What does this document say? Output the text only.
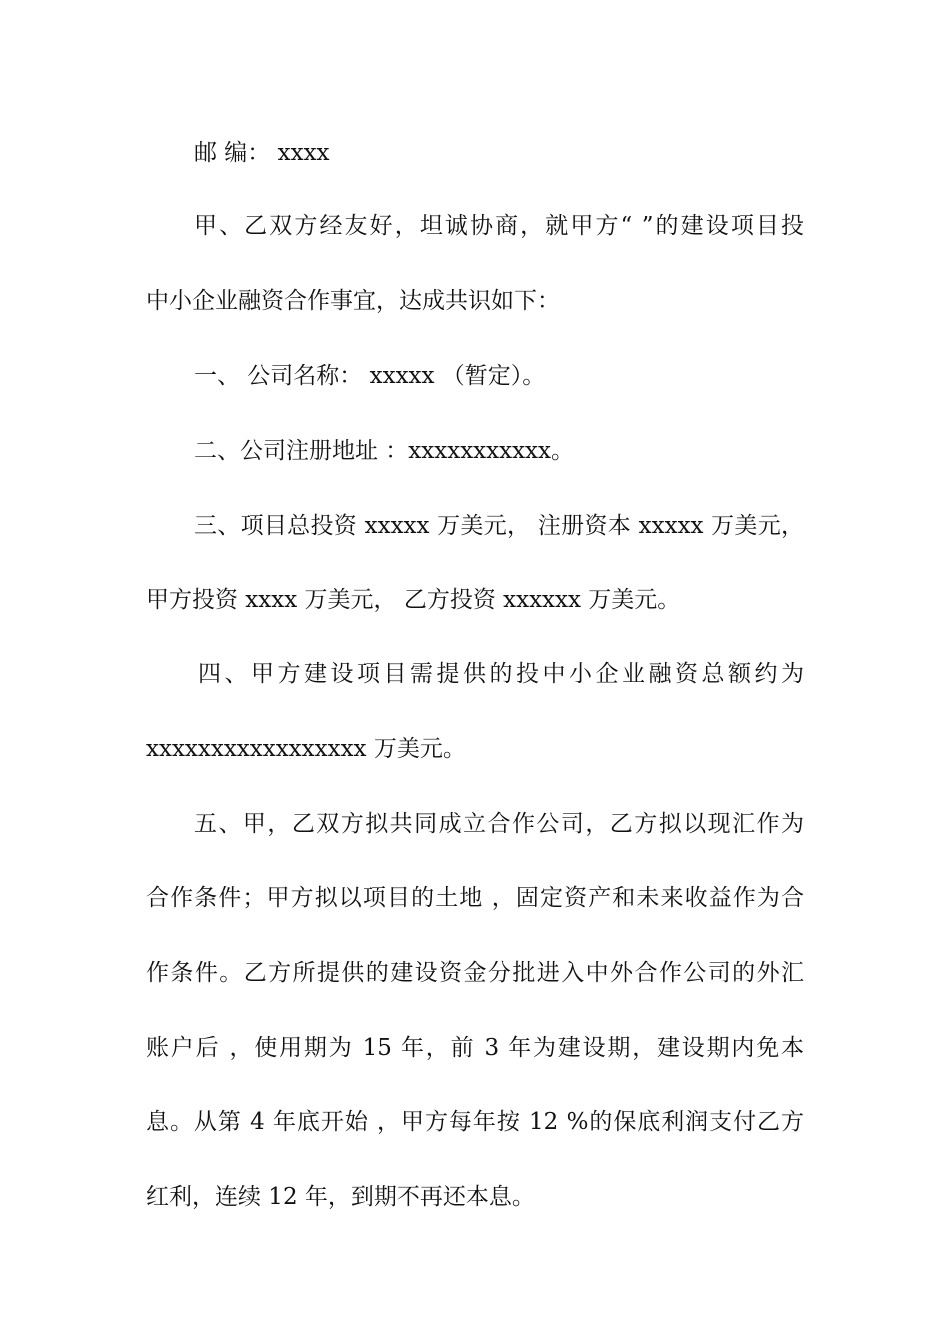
邮 编： xxxx

甲、乙双方经友好，坦诚协商，就甲方“ ”的建设项目投

中小企业融资合作事宜，达成共识如下：

一、 公司名称： xxxxx （暂定）。

二、公司注册地址 ：xxxxxxxxxxx。

三、项目总投资 xxxxx 万美元， 注册资本 xxxxx 万美元，

甲方投资 xxxx 万美元， 乙方投资 xxxxxx 万美元。

四、甲方建设项目需提供的投中小企业融资总额约为

xxxxxxxxxxxxxxxxx 万美元。

五、甲，乙双方拟共同成立合作公司，乙方拟以现汇作为

合作条件；甲方拟以项目的土地 ，固定资产和未来收益作为合

作条件。乙方所提供的建设资金分批进入中外合作公司的外汇

账户后 ，使用期为 15 年，前 3 年为建设期，建设期内免本

息。从第 4 年底开始 ，甲方每年按 12 %的保底利润支付乙方

红利，连续 12 年，到期不再还本息。
